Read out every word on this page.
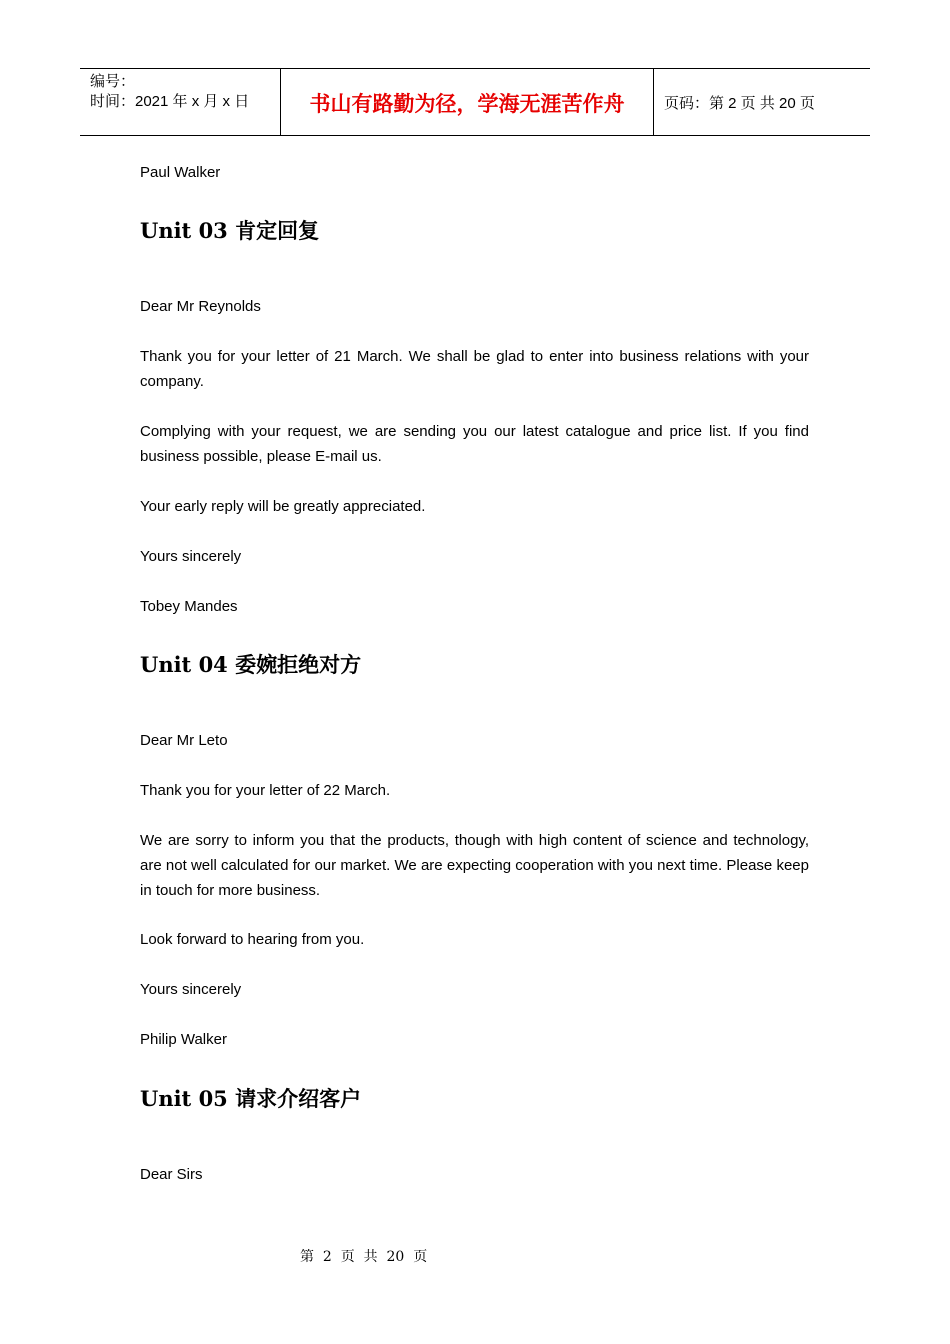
编号：
时间：2021 年 x 月 x 日	书山有路勤为径，学海无涯苦作舟	页码：第 2 页 共 20 页

Paul Walker

Unit 03 肯定回复

Dear Mr Reynolds

Thank you for your letter of 21 March. We shall be glad to enter into business relations with your company.

Complying with your request, we are sending you our latest catalogue and price list. If you find business possible, please E-mail us.

Your early reply will be greatly appreciated.

Yours sincerely

Tobey Mandes

Unit 04 委婉拒绝对方

Dear Mr Leto

Thank you for your letter of 22 March.

We are sorry to inform you that the products, though with high content of science and technology, are not well calculated for our market. We are expecting cooperation with you next time. Please keep in touch for more business.

Look forward to hearing from you.

Yours sincerely

Philip Walker

Unit 05 请求介绍客户

Dear Sirs

第  2  页  共  20  页
